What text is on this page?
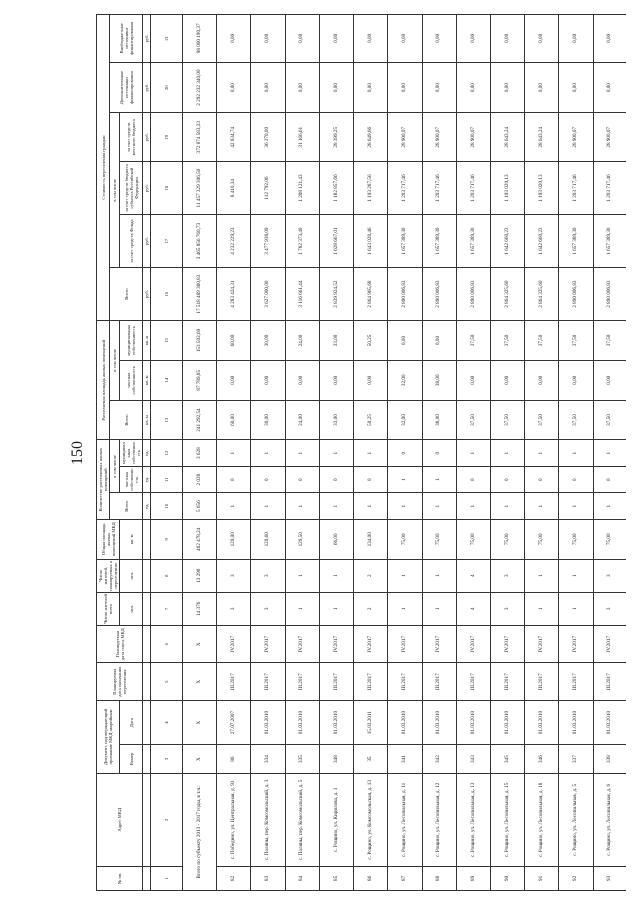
150
№ пп.	Адрес МКД	Документ, подтверждающий признание МКД аварийным		Планируемая дата окончания переселения	Планируемая дата сноса МКД	Число жителей всего	Число жителей, планируемых к переселению	Общая площадь жилых помещений МКД	Количество расселяемых жилых помещений			Расселяемая площадь жилых помещений			Стоимость переселения граждан					
									Всего	в том числе		Всего	в том числе		Всего	в том числе			Дополнительные источники финансирования	Внебюджетные источники финансирования
		Номер	Дата			чел.	чел.	кв. м		частная собственность	муниципальная собственность		частная собственность	муниципальная собственность		за счет средств Фонда	за счет средств бюджета субъекта Российской Федерации	за счет средств местного бюджета		
									ед.	ед.	ед.	кв. м	кв. м	кв. м	руб.	руб.	руб.	руб.	руб.	руб.
1	2	3	4	5	6	7	8	9	10	11	12	13	14	15	16	17	18	19	20	21
Всего по субъекту 2013 - 2017 годы, в т.ч.:		Х	Х	Х	Х	14 376	13 290	482 478,24	5 656	2 028	3 628	241 292,54	87 789,85	153 502,69	17 518 489 380,83	3 465 856 760,73	11 457 329 306,50	372 874 583,33	2 292 232 340,00	98 000 190,37
82	с. Победино, ул. Центральная, д. 93	86	27.07.2007	III.2017	IV.2017	3	3	120,00	1	0	1	60,00	0,00	60,00	4 283 424,31	4 232 229,23	8 410,34	42 834,74	0,00	0,00
83	с. Поляны, пер. Комсомольский, д. 3	334	01.03.2010	III.2017	IV.2017	3	3	120,60	1	0	1	30,00	0,00	30,00	3 627 000,00	3 477 938,09	112 792,06	36 270,00	0,00	0,00
84	с. Поляны, пер. Комсомольский, д. 5	335	01.03.2010	III.2017	IV.2017	1	1	129,50	1	0	1	24,00	0,00	24,00	3 116 661,44	1 782 373,40	1 208 121,43	31 166,61	0,00	0,00
85	с. Рощино, ул. Кирилова, д. 1	348	01.03.2010	III.2017	IV.2017	1	1	66,00	1	0	1	33,00	0,00	33,00	2 839 924,52	1 628 667,01	1 182 857,66	28 399,25	0,00	0,00
86	с. Рощино, ул. Комсомольская, д. 13	35	15.03.2011	III.2017	IV.2017	2	2	134,00	1	0	1	50,25	0,00	50,25	2 864 965,68	1 643 028,46	1 193 287,56	28 649,66	0,00	0,00
87	с. Рощино, ул. Лесопильная, д. 11	341	01.03.2010	III.2017	IV.2017	1	1	75,00	1	1	0	32,00	32,00	0,00	2 890 006,83	1 657 389,30	1 203 717,46	28 900,07	0,00	0,00
88	с. Рощино, ул. Лесопильная, д. 12	342	01.03.2010	III.2017	IV.2017	1	1	75,00	1	1	0	38,00	38,00	0,00	2 890 006,83	1 657 389,30	1 203 717,46	28 900,07	0,00	0,00
89	с. Рощино, ул. Лесопильная, д. 13	343	01.03.2010	III.2017	IV.2017	4	4	75,00	1	0	1	37,50	0,00	37,50	2 890 006,83	1 657 389,30	1 203 717,46	28 900,07	0,00	0,00
90	с. Рощино, ул. Лесопильная, д. 15	345	01.03.2010	III.2017	IV.2017	3	3	75,00	1	0	1	37,50	0,00	37,50	2 864 325,60	1 642 660,23	1 193 020,13	28 643,24	0,00	0,00
91	с. Рощино, ул. Лесопильная, д. 18	346	01.03.2010	III.2017	IV.2017	1	1	75,00	1	0	1	37,50	0,00	37,50	2 864 325,60	1 642 660,23	1 193 020,13	28 643,24	0,00	0,00
92	с. Рощино, ул. Лесопильная, д. 5	337	01.03.2010	III.2017	IV.2017	1	1	75,00	1	0	1	37,50	0,00	37,50	2 890 006,83	1 657 389,30	1 203 717,46	28 900,07	0,00	0,00
93	с. Рощино, ул. Лесопильная, д. 6	338	01.03.2010	III.2017	IV.2017	3	3	75,00	1	0	1	37,50	0,00	37,50	2 890 006,83	1 657 389,30	1 203 717,46	28 900,07	0,00	0,00
